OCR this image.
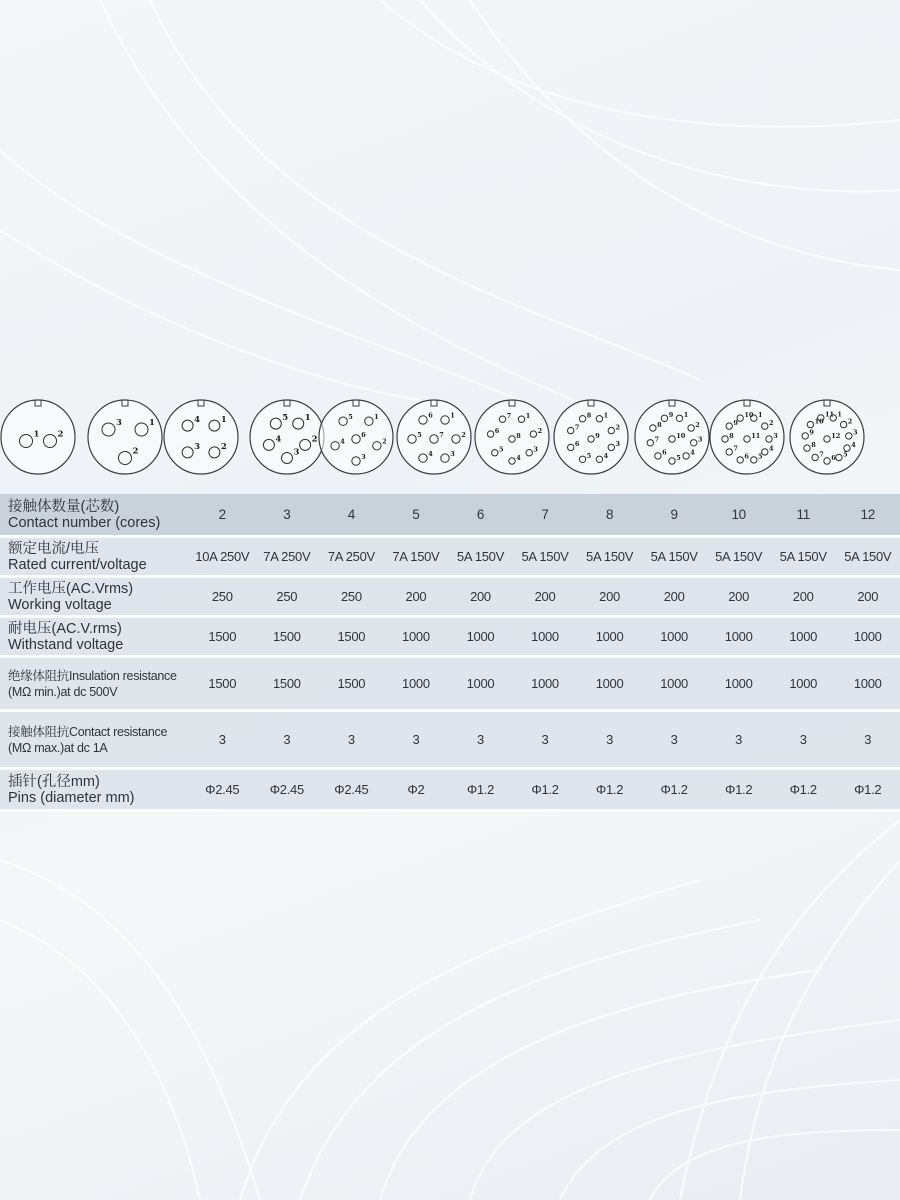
1 2
1
2
3	1
2
3
4	1
2
3
4
5	1
2
3
4
5
6
1
2
3
4
5
6
7
1
2
3
4
5
6
7
8
1
2
3
4
5
6
7
8
9
1
2
3
4
5
6
7
8
9
10
1
2
3
4
5
6
7
8
9
10
11
1
2
3
4
5
6
7
8
9
10
11
12
接触体数量(芯数)
Contact number (cores)	2	3	4	5	6	7	8	9	10	11	12
额定电流/电压
Rated current/voltage	10A 250V	7A 250V	7A 250V	7A 150V	5A 150V	5A 150V	5A 150V	5A 150V	5A 150V	5A 150V	5A 150V
工作电压(AC.Vrms)
Working voltage	250	250	250	200	200	200	200	200	200	200	200
耐电压(AC.V.rms)
Withstand voltage	1500	1500	1500	1000	1000	1000	1000	1000	1000	1000	1000
绝缘体阻抗Insulation resistance
(MΩ min.)at dc 500V
1500	1500	1500	1000	1000	1000	1000	1000	1000	1000	1000
接触体阻抗Contact resistance
(MΩ max.)at dc 1A
3	3	3	3	3	3	3	3	3	3	3
插针(孔径mm)
Pins (diameter mm)	Φ2.45	Φ2.45	Φ2.45	Φ2	Φ1.2	Φ1.2	Φ1.2	Φ1.2	Φ1.2	Φ1.2	Φ1.2
